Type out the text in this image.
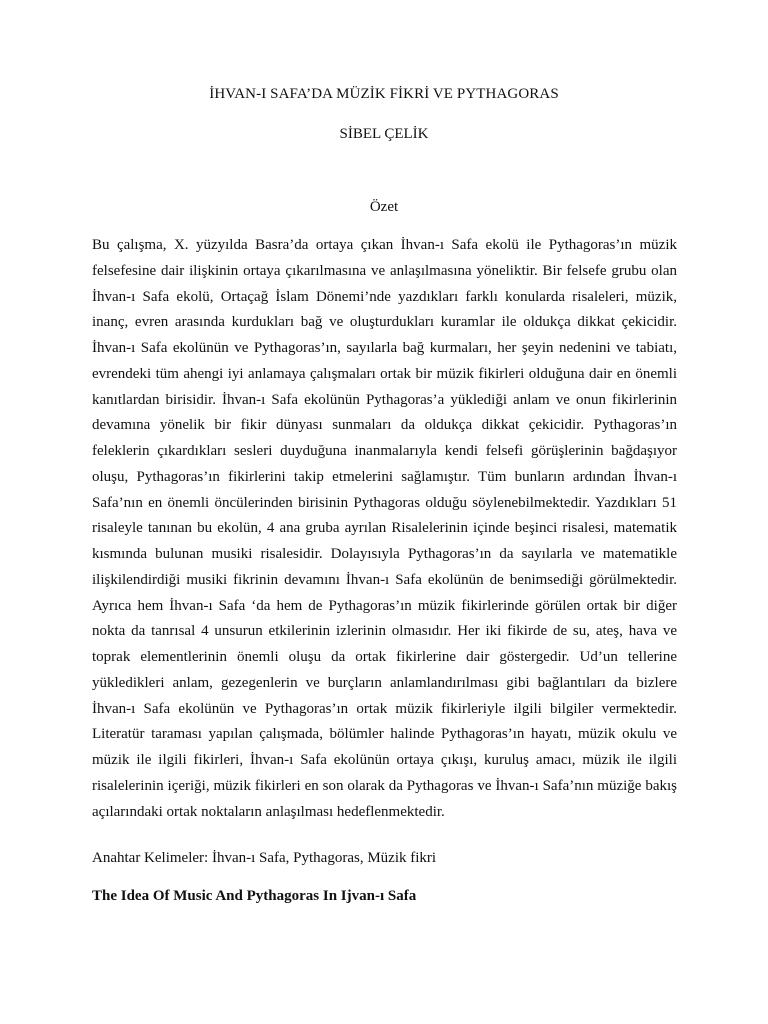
İHVAN-I SAFA’DA MÜZİK FİKRİ VE PYTHAGORAS
SİBEL ÇELİK
Özet

Bu çalışma, X. yüzyılda Basra’da ortaya çıkan İhvan-ı Safa ekolü ile Pythagoras’ın müzik felsefesine dair ilişkinin ortaya çıkarılmasına ve anlaşılmasına yöneliktir. Bir felsefe grubu olan İhvan-ı Safa ekolü, Ortaçağ İslam Dönemi’nde yazdıkları farklı konularda risaleleri, müzik, inanç, evren arasında kurdukları bağ ve oluşturdukları kuramlar ile oldukça dikkat çekicidir. İhvan-ı Safa ekolünün ve Pythagoras’ın, sayılarla bağ kurmaları, her şeyin nedenini ve tabiatı, evrendeki tüm ahengi iyi anlamaya çalışmaları ortak bir müzik fikirleri olduğuna dair en önemli kanıtlardan birisidir. İhvan-ı Safa ekolünün Pythagoras’a yüklediği anlam ve onun fikirlerinin devamına yönelik bir fikir dünyası sunmaları da oldukça dikkat çekicidir. Pythagoras’ın feleklerin çıkardıkları sesleri duyduğuna inanmalarıyla kendi felsefi görüşlerinin bağdaşıyor oluşu, Pythagoras’ın fikirlerini takip etmelerini sağlamıştır. Tüm bunların ardından İhvan-ı Safa’nın en önemli öncülerinden birisinin Pythagoras olduğu söylenebilmektedir. Yazdıkları 51 risaleyle tanınan bu ekolün, 4 ana gruba ayrılan Risalelerinin içinde beşinci risalesi, matematik kısmında bulunan musiki risalesidir. Dolayısıyla Pythagoras’ın da sayılarla ve matematikle ilişkilendirdiği musiki fikrinin devamını İhvan-ı Safa ekolünün de benimsediği görülmektedir. Ayrıca hem İhvan-ı Safa ‘da hem de Pythagoras’ın müzik fikirlerinde görülen ortak bir diğer nokta da tanrısal 4 unsurun etkilerinin izlerinin olmasıdır. Her iki fikirde de su, ateş, hava ve toprak elementlerinin önemli oluşu da ortak fikirlerine dair göstergedir. Ud’un tellerine yükledikleri anlam, gezegenlerin ve burçların anlamlandırılması gibi bağlantıları da bizlere İhvan-ı Safa ekolünün ve Pythagoras’ın ortak müzik fikirleriyle ilgili bilgiler vermektedir. Literatür taraması yapılan çalışmada, bölümler halinde Pythagoras’ın hayatı, müzik okulu ve müzik ile ilgili fikirleri, İhvan-ı Safa ekolünün ortaya çıkışı, kuruluş amacı, müzik ile ilgili risalelerinin içeriği, müzik fikirleri en son olarak da Pythagoras ve İhvan-ı Safa’nın müziğe bakış açılarındaki ortak noktaların anlaşılması hedeflenmektedir.

Anahtar Kelimeler: İhvan-ı Safa, Pythagoras, Müzik fikri

The Idea Of Music And Pythagoras In Ijvan-ı Safa
